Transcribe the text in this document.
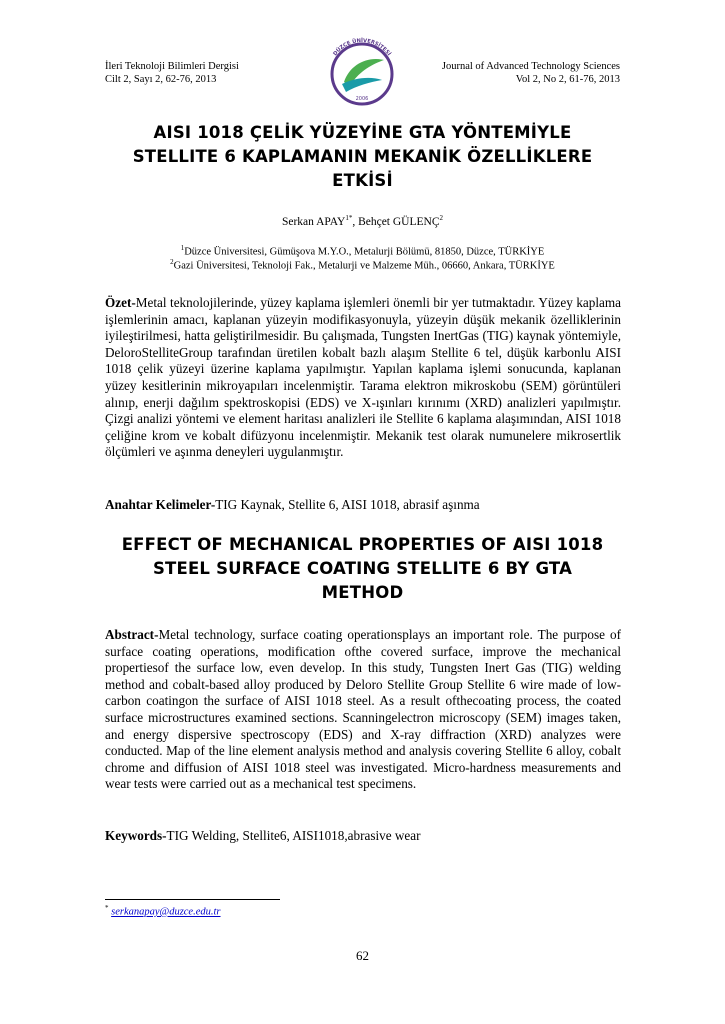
İleri Teknoloji Bilimleri Dergisi
Cilt 2, Sayı 2, 62-76, 2013
DÜZCE ÜNİVERSİTESİ
2006
Journal of Advanced Technology Sciences
Vol 2, No 2, 61-76, 2013
AISI 1018 ÇELİK YÜZEYİNE GTA YÖNTEMİYLE
STELLITE 6 KAPLAMANIN MEKANİK ÖZELLİKLERE
ETKİSİ
Serkan $APAY^{1*}$, Behçet GÜLENÇ$^2$
$^1$Düzce Üniversitesi, Gümüşova M.Y.O., Metalurji Bölümü, 81850, Düzce, TÜRKİYE
$^2$Gazi Üniversitesi, Teknoloji Fak., Metalurji ve Malzeme Müh., 06660, Ankara, TÜRKİYE

Özet-Metal teknolojilerinde, yüzey kaplama işlemleri önemli bir yer tutmaktadır. Yüzey kaplama işlemlerinin amacı, kaplanan yüzeyin modifikasyonuyla, yüzeyin düşük mekanik özelliklerinin iyileştirilmesi, hatta geliştirilmesidir. Bu çalışmada, Tungsten InertGas (TIG) kaynak yöntemiyle, DeloroStelliteGroup tarafından üretilen kobalt bazlı alaşım Stellite 6 tel, düşük karbonlu AISI 1018 çelik yüzeyi üzerine kaplama yapılmıştır. Yapılan kaplama işlemi sonucunda, kaplanan yüzey kesitlerinin mikroyapıları incelenmiştir. Tarama elektron mikroskobu (SEM) görüntüleri alınıp, enerji dağılım spektroskopisi (EDS) ve X-ışınları kırınımı (XRD) analizleri yapılmıştır. Çizgi analizi yöntemi ve element haritası analizleri ile Stellite 6 kaplama alaşımından, AISI 1018 çeliğine krom ve kobalt difüzyonu incelenmiştir. Mekanik test olarak numunelere mikrosertlik ölçümleri ve aşınma deneyleri uygulanmıştır.

Anahtar Kelimeler-TIG Kaynak, Stellite 6, AISI 1018, abrasif aşınma

EFFECT OF MECHANICAL PROPERTIES OF AISI 1018
STEEL SURFACE COATING STELLITE 6 BY GTA
METHOD

Abstract-Metal technology, surface coating operationsplays an important role. The purpose of surface coating operations, modification ofthe covered surface, improve the mechanical propertiesof the surface low, even develop. In this study, Tungsten Inert Gas (TIG) welding method and cobalt-based alloy produced by Deloro Stellite Group Stellite 6 wire made of low-carbon coatingon the surface of AISI 1018 steel. As a result ofthecoating process, the coated surface microstructures examined sections. Scanningelectron microscopy (SEM) images taken, and energy dispersive spectroscopy (EDS) and X-ray diffraction (XRD) analyzes were conducted. Map of the line element analysis method and analysis covering Stellite 6 alloy, cobalt chrome and diffusion of AISI 1018 steel was investigated. Micro-hardness measurements and wear tests were carried out as a mechanical test specimens.

Keywords-TIG Welding, Stellite6, AISI1018,abrasive wear

* serkanapay@duzce.edu.tr
62
